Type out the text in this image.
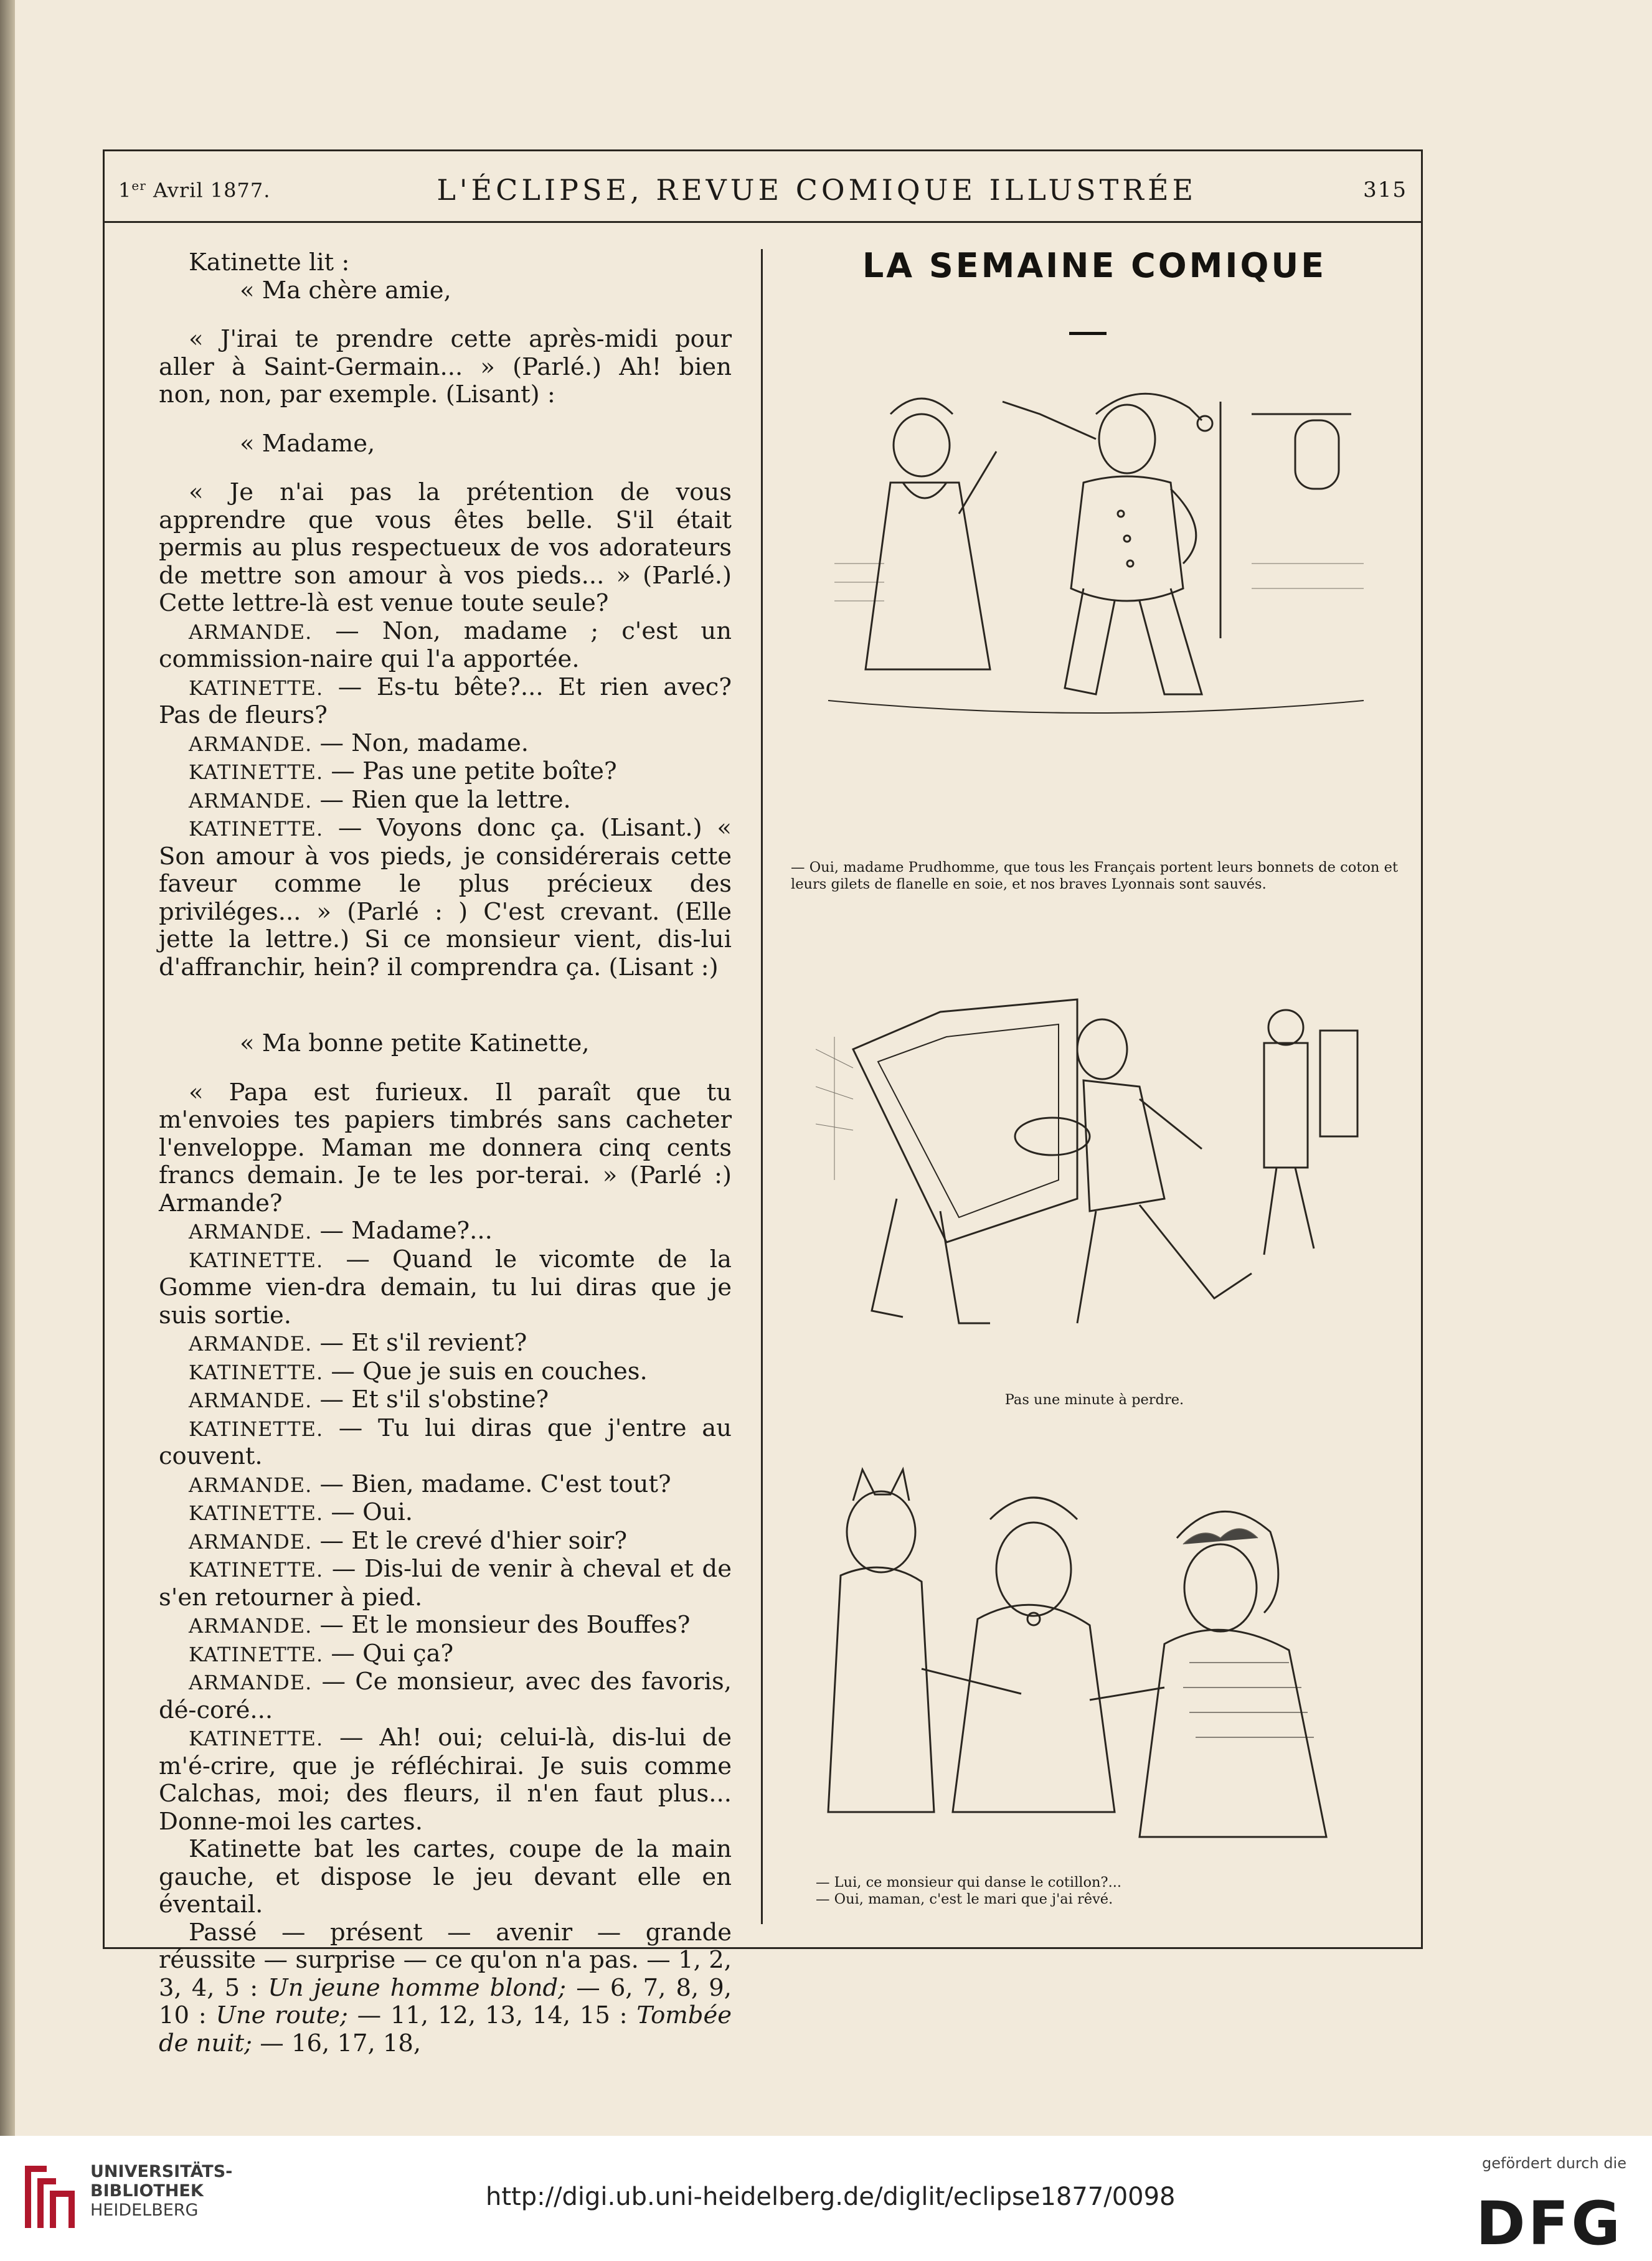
1er Avril 1877.	L'ÉCLIPSE, REVUE COMIQUE ILLUSTRÉE	315

Katinette lit :

« Ma chère amie,

« J'irai te prendre cette après-midi pour aller à Saint-Germain... » (Parlé.) Ah! bien non, non, par exemple. (Lisant) :

« Madame,

« Je n'ai pas la prétention de vous apprendre que vous êtes belle. S'il était permis au plus respectueux de vos adorateurs de mettre son amour à vos pieds... » (Parlé.) Cette lettre-là est venue toute seule?

ARMANDE. — Non, madame ; c'est un commission-naire qui l'a apportée.

KATINETTE. — Es-tu bête?... Et rien avec? Pas de fleurs?

ARMANDE. — Non, madame.

KATINETTE. — Pas une petite boîte?

ARMANDE. — Rien que la lettre.

KATINETTE. — Voyons donc ça. (Lisant.) « Son amour à vos pieds, je considérerais cette faveur comme le plus précieux des priviléges... » (Parlé : ) C'est crevant. (Elle jette la lettre.) Si ce monsieur vient, dis-lui d'affranchir, hein? il comprendra ça. (Lisant :)

« Ma bonne petite Katinette,

« Papa est furieux. Il paraît que tu m'envoies tes papiers timbrés sans cacheter l'enveloppe. Maman me donnera cinq cents francs demain. Je te les por-terai. » (Parlé :) Armande?

ARMANDE. — Madame?...

KATINETTE. — Quand le vicomte de la Gomme vien-dra demain, tu lui diras que je suis sortie.

ARMANDE. — Et s'il revient?

KATINETTE. — Que je suis en couches.

ARMANDE. — Et s'il s'obstine?

KATINETTE. — Tu lui diras que j'entre au couvent.

ARMANDE. — Bien, madame. C'est tout?

KATINETTE. — Oui.

ARMANDE. — Et le crevé d'hier soir?

KATINETTE. — Dis-lui de venir à cheval et de s'en retourner à pied.

ARMANDE. — Et le monsieur des Bouffes?

KATINETTE. — Qui ça?

ARMANDE. — Ce monsieur, avec des favoris, dé-coré...

KATINETTE. — Ah! oui; celui-là, dis-lui de m'é-crire, que je réfléchirai. Je suis comme Calchas, moi; des fleurs, il n'en faut plus... Donne-moi les cartes.

Katinette bat les cartes, coupe de la main gauche, et dispose le jeu devant elle en éventail.

Passé — présent — avenir — grande réussite — surprise — ce qu'on n'a pas. — 1, 2, 3, 4, 5 : Un jeune homme blond; — 6, 7, 8, 9, 10 : Une route; — 11, 12, 13, 14, 15 : Tombée de nuit; — 16, 17, 18,

LA SEMAINE COMIQUE
— Oui, madame Prudhomme, que tous les Français portent leurs bonnets de coton et leurs gilets de flanelle en soie, et nos braves Lyonnais sont sauvés.
Pas une minute à perdre.
— Lui, ce monsieur qui danse le cotillon?...
— Oui, maman, c'est le mari que j'ai rêvé.
UNIVERSITÄTS-
BIBLIOTHEK
HEIDELBERG	http://digi.ub.uni-heidelberg.de/diglit/eclipse1877/0098
gefördert durch die
DFG
